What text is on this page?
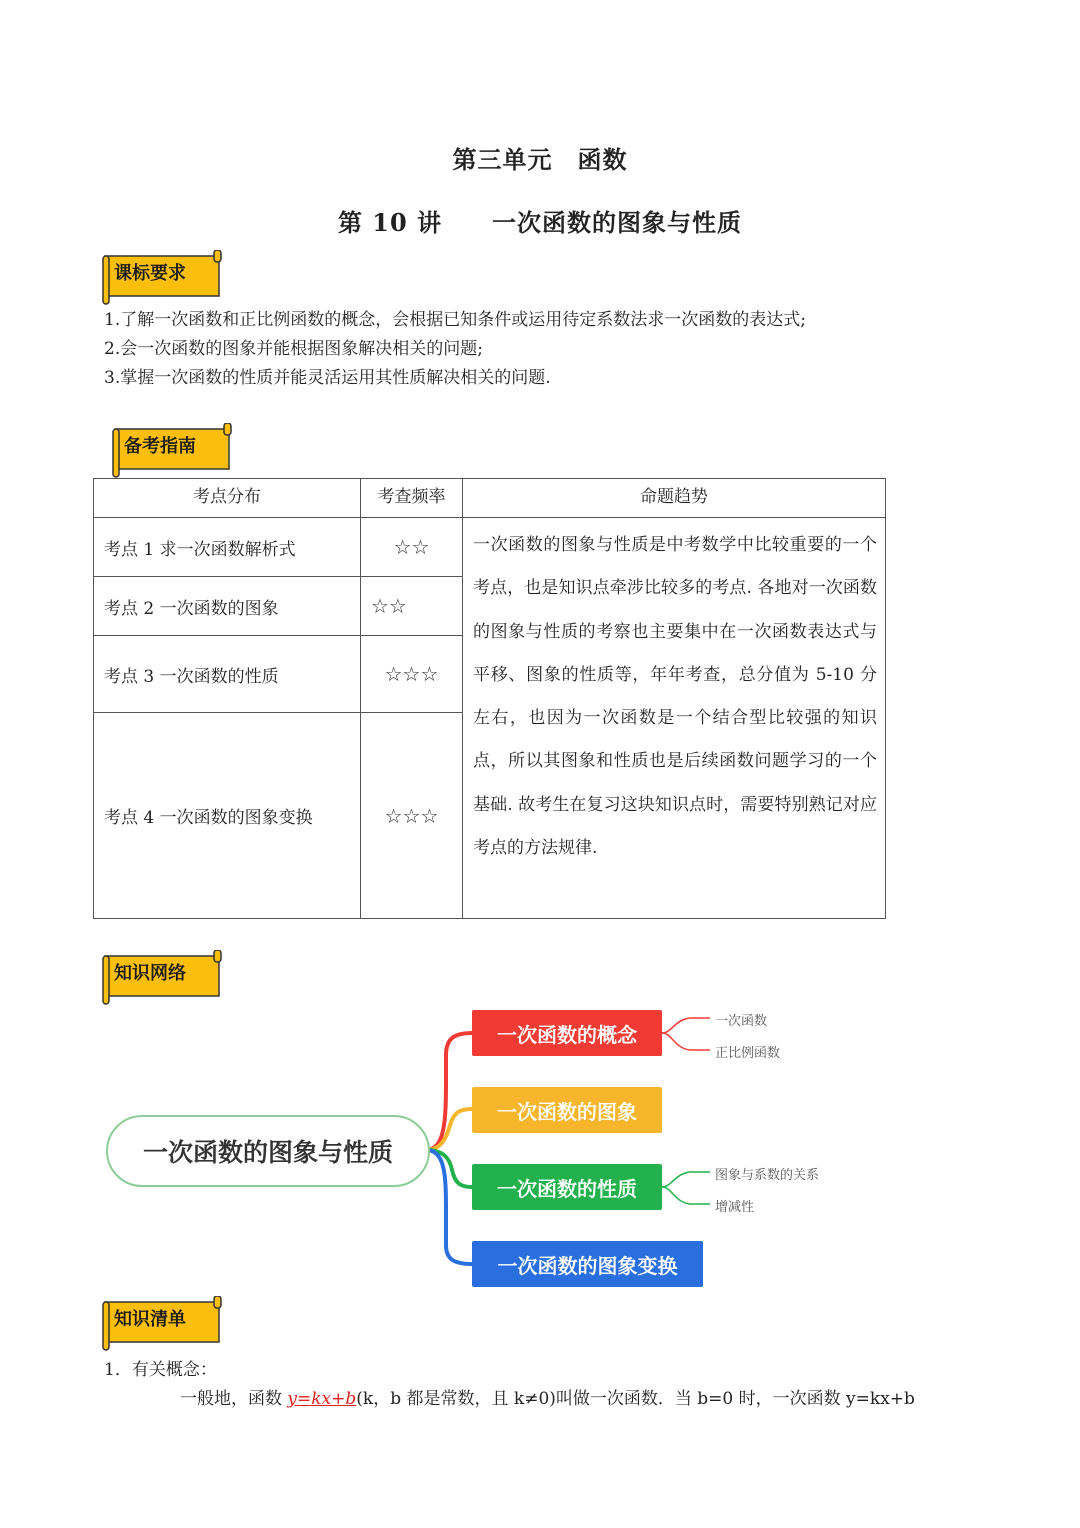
第三单元　函数
第 10 讲　　一次函数的图象与性质
课标要求
1.了解一次函数和正比例函数的概念，会根据已知条件或运用待定系数法求一次函数的表达式;
2.会一次函数的图象并能根据图象解决相关的问题;
3.掌握一次函数的性质并能灵活运用其性质解决相关的问题.
备考指南
考点分布	考查频率	命题趋势

考点 1 求一次函数解析式	☆☆	一次函数的图象与性质是中考数学中比较重要的一个考点，也是知识点牵涉比较多的考点. 各地对一次函数的图象与性质的考察也主要集中在一次函数表达式与平移、图象的性质等，年年考查，总分值为 5-10 分左右，也因为一次函数是一个结合型比较强的知识点，所以其图象和性质也是后续函数问题学习的一个基础. 故考生在复习这块知识点时，需要特别熟记对应考点的方法规律.
考点 2 一次函数的图象	☆☆	
考点 3 一次函数的性质	☆☆☆	
考点 4 一次函数的图象变换	☆☆☆	
知识网络
一次函数的图象与性质
一次函数的概念
一次函数的图象
一次函数的性质
一次函数的图象变换
一次函数
正比例函数
图象与系数的关系
增减性
知识清单
1．有关概念：
一般地，函数 y=kx+b(k，b 都是常数，且 k≠0)叫做一次函数．当 b=0 时，一次函数 y=kx+b
